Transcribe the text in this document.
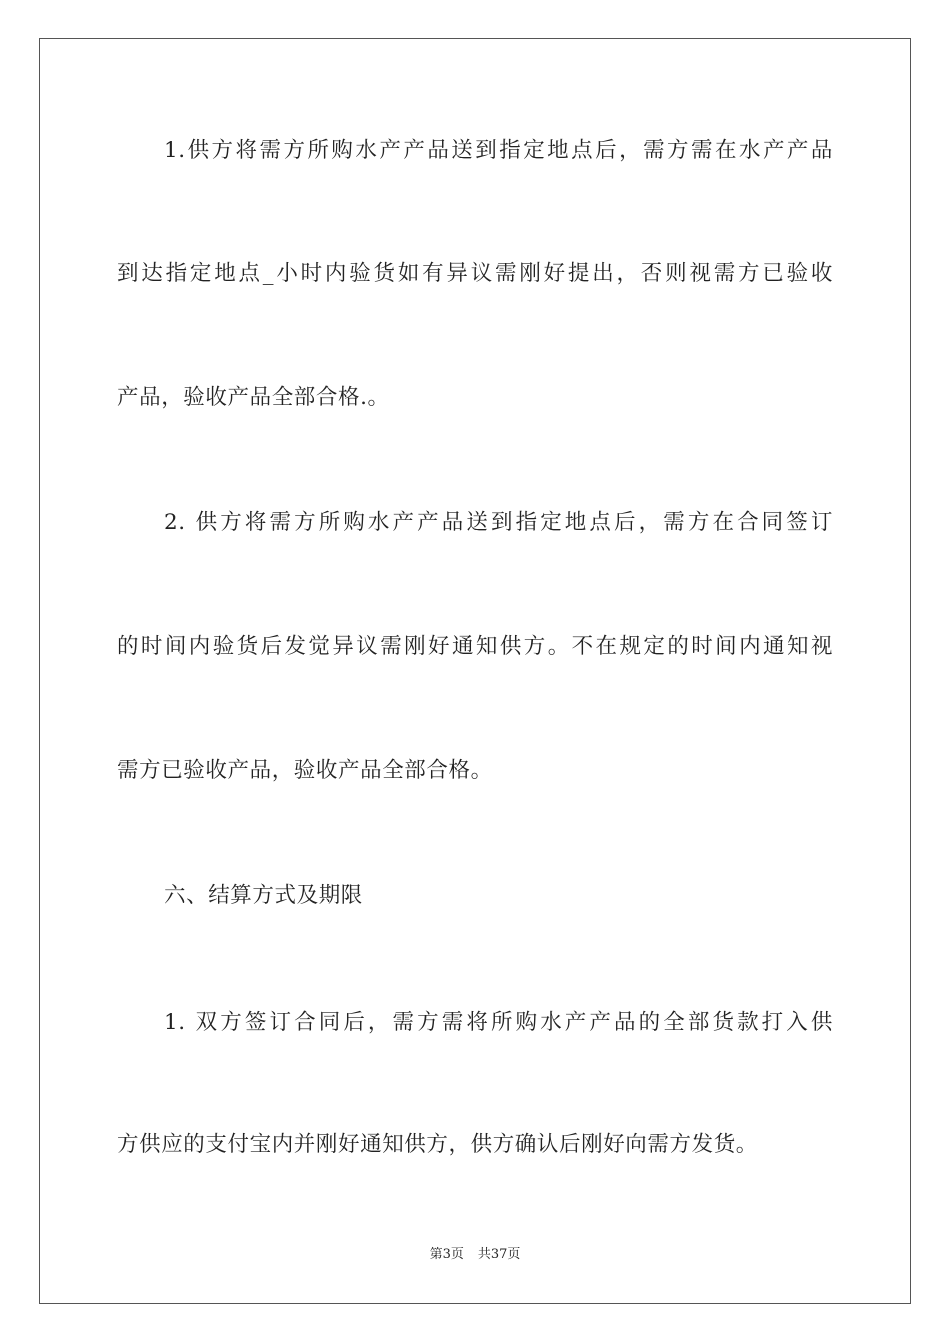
1.供方将需方所购水产产品送到指定地点后，需方需在水产产品
到达指定地点_小时内验货如有异议需刚好提出，否则视需方已验收
产品，验收产品全部合格.。
2. 供方将需方所购水产产品送到指定地点后，需方在合同签订
的时间内验货后发觉异议需刚好通知供方。不在规定的时间内通知视
需方已验收产品，验收产品全部合格。
六、结算方式及期限
1. 双方签订合同后，需方需将所购水产产品的全部货款打入供
方供应的支付宝内并刚好通知供方，供方确认后刚好向需方发货。
第3页 共37页
